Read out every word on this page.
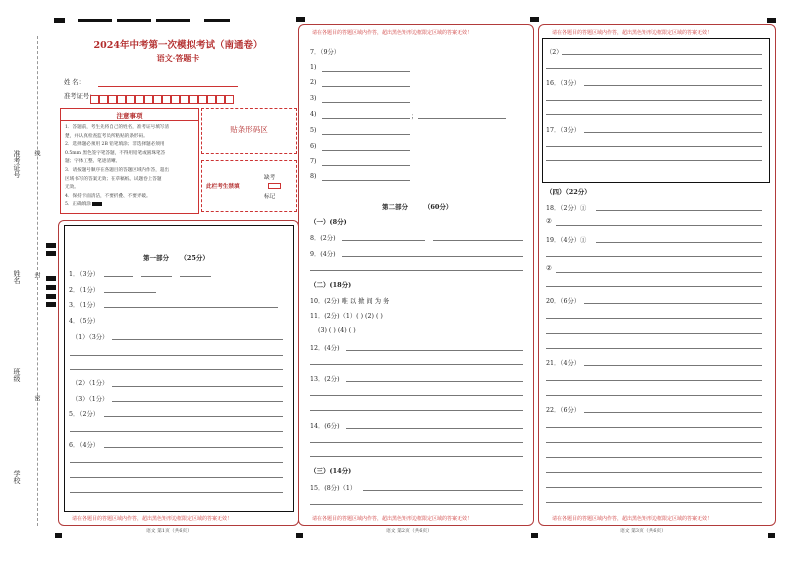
准考证号
姓名
班级
学校
线
封
密
2024年中考第一次模拟考试（南通卷）
语文·答题卡
姓 名：
准考证号：
注意事项
1．答题前，考生先将自己的姓名，准考证号填写清
楚，并认真检查监考员所粘贴的条形码。
2．选择题必须用 2B 铅笔填涂；非选择题必须用
0.5mm 黑色签字笔答题，不得用铅笔或圆珠笔答
题；字体工整、笔迹清晰。
3．请按题号顺序在各题目的答题区域内作答，超出
区域书写的答案无效；在草稿纸、试题卷上答题
无效。
4．保持卡面清洁，不要折叠、不要弄破。
5．正确填涂
贴条形码区
此栏考生禁填
缺考
标记
第一部分 （25分）
1．（3分）
2．（1分）
3．（1分）
4．（5分）
（1）（3分）
（2）（1分）
（3）（1分）
5．（2分）
6．（4分）
请在各题目的答题区域内作答，超出黑色矩形边框限定区域的答案无效！
语文 第1页（共6页）
请在各题目的答题区域内作答，超出黑色矩形边框限定区域的答案无效！
7．（9分）
1)
2)
3)
4)	；
5)
6)
7)
8)
第二部分 （60分）
（一）(8分)
8．(2分)
9．(4分)
（二）(18分)
10．(2分) 唯 以 掀 间 为 务
11．(2分)（1）( ) (2) ( )
(3) ( ) (4) ( )
12．(4分)
13．(2分)
14．(6分)
（三）(14分)
15．(8分)（1）
请在各题目的答题区域内作答，超出黑色矩形边框限定区域的答案无效！
语文 第2页（共6页）
请在各题目的答题区域内作答，超出黑色矩形边框限定区域的答案无效！
（2）
16．（3分）
17．（3分）
（四）（22分）
18．（2分）①
②
19．（4分）①
②
20．（6分）
21．（4分）
22．（6分）
请在各题目的答题区域内作答，超出黑色矩形边框限定区域的答案无效！
语文 第3页（共6页）
